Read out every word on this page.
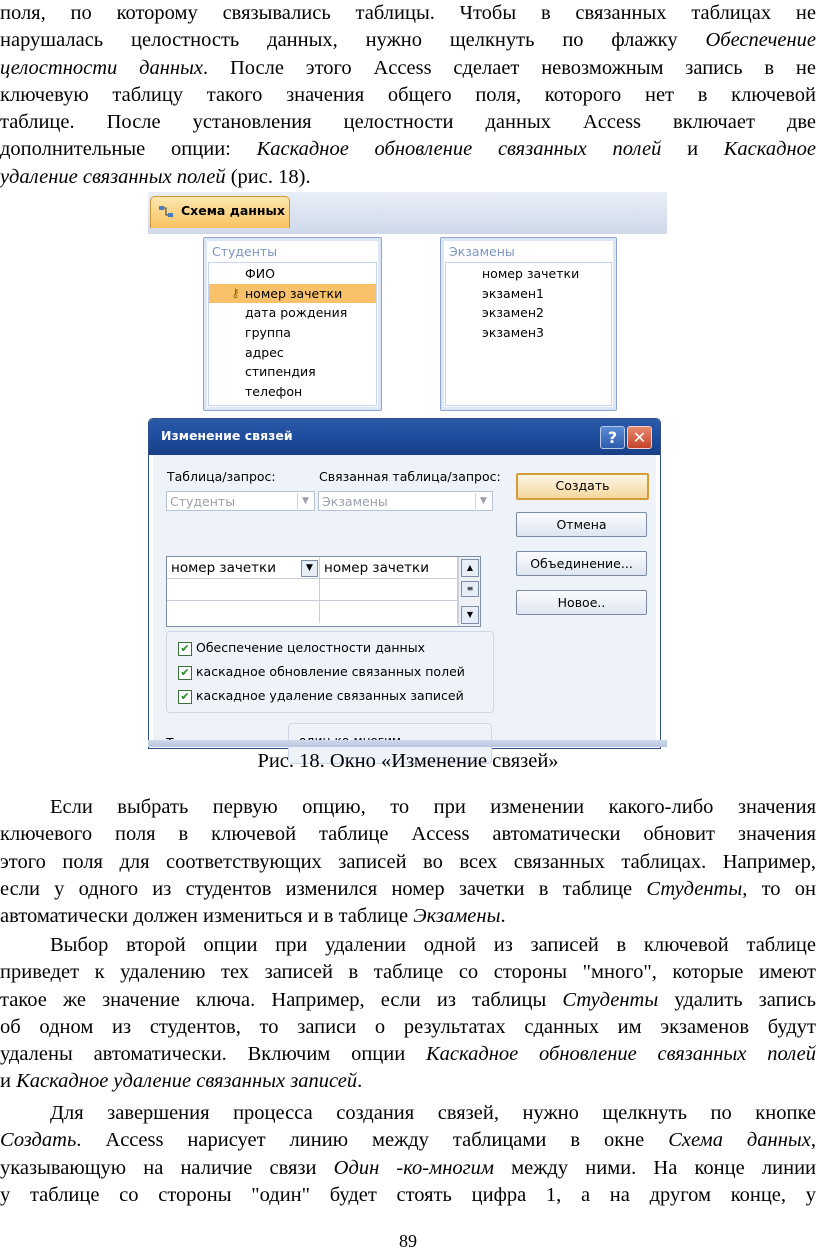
поля, по которому связывались таблицы. Чтобы в связанных таблицах не
нарушалась целостность данных, нужно щелкнуть по флажку Обеспечение
целостности данных. После этого Access сделает невозможным запись в не
ключевую таблицу такого значения общего поля, которого нет в ключевой
таблице. После установления целостности данных Access включает две
дополнительные опции: Каскадное обновление связанных полей и Каскадное
удаление связанных полей (рис. 18).
Схема данных
Студенты
ФИО
⚷ номер зачетки
дата рождения
группа
адрес
стипендия
телефон
Экзамены
номер зачетки
экзамен1
экзамен2
экзамен3
Изменение связей	? ✕
Таблица/запрос:	Связанная таблица/запрос:
Студенты	▼	Экзамены	▼
номер зачетки	▼ номер зачетки	▲
≡
▼
✔ Обеспечение целостности данных
✔ каскадное обновление связанных полей
✔ каскадное удаление связанных записей
Создать
Отмена
Объединение...
Новое..
Рис. 18. Окно «Изменение связей»
Если выбрать первую опцию, то при изменении какого-либо значения
ключевого поля в ключевой таблице Access автоматически обновит значения
этого поля для соответствующих записей во всех связанных таблицах. Например,
если у одного из студентов изменился номер зачетки в таблице Студенты, то он
автоматически должен измениться и в таблице Экзамены.
Выбор второй опции при удалении одной из записей в ключевой таблице
приведет к удалению тех записей в таблице со стороны "много", которые имеют
такое же значение ключа. Например, если из таблицы Студенты удалить запись
об одном из студентов, то записи о результатах сданных им экзаменов будут
удалены автоматически. Включим опции Каскадное обновление связанных полей
и Каскадное удаление связанных записей.
Для завершения процесса создания связей, нужно щелкнуть по кнопке
Создать. Access нарисует линию между таблицами в окне Схема данных,
указывающую на наличие связи Один -ко-многим между ними. На конце линии
у таблице со стороны "один" будет стоять цифра 1, а на другом конце, у
89
